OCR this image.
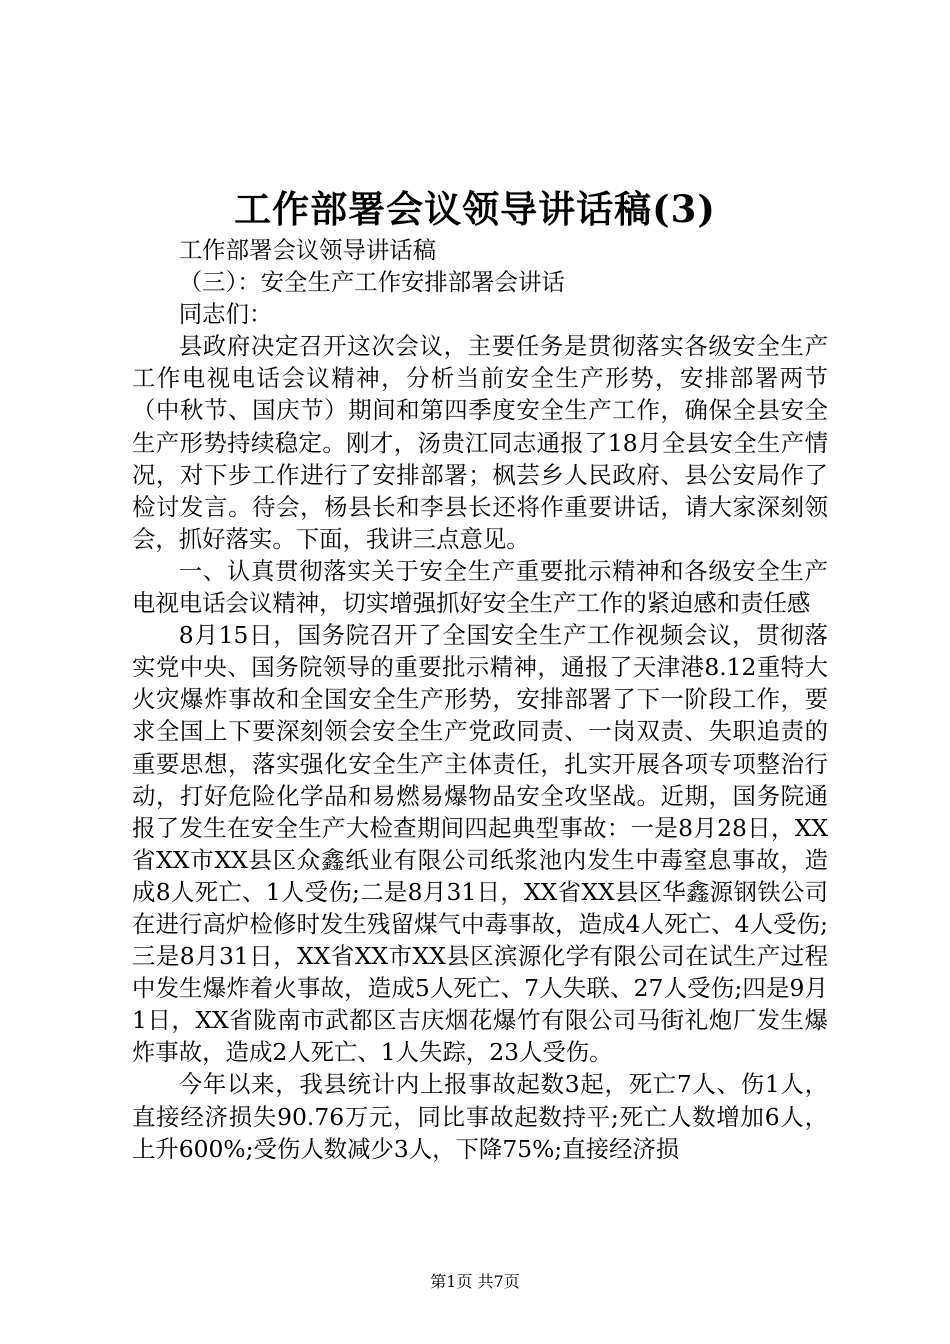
工作部署会议领导讲话稿(3)

工作部署会议领导讲话稿

（三）：安全生产工作安排部署会讲话

同志们：

县政府决定召开这次会议，主要任务是贯彻落实各级安全生产工作电视电话会议精神，分析当前安全生产形势，安排部署两节（中秋节、国庆节）期间和第四季度安全生产工作，确保全县安全生产形势持续稳定。刚才，汤贵江同志通报了18月全县安全生产情况，对下步工作进行了安排部署；枫芸乡人民政府、县公安局作了检讨发言。待会，杨县长和李县长还将作重要讲话，请大家深刻领会，抓好落实。下面，我讲三点意见。

一、认真贯彻落实关于安全生产重要批示精神和各级安全生产电视电话会议精神，切实增强抓好安全生产工作的紧迫感和责任感

8月15日，国务院召开了全国安全生产工作视频会议，贯彻落实党中央、国务院领导的重要批示精神，通报了天津港8.12重特大火灾爆炸事故和全国安全生产形势，安排部署了下一阶段工作，要求全国上下要深刻领会安全生产党政同责、一岗双责、失职追责的重要思想，落实强化安全生产主体责任，扎实开展各项专项整治行动，打好危险化学品和易燃易爆物品安全攻坚战。近期，国务院通报了发生在安全生产大检查期间四起典型事故：一是8月28日，XX省XX市XX县区众鑫纸业有限公司纸浆池内发生中毒窒息事故，造成8人死亡、1人受伤;二是8月31日，XX省XX县区华鑫源钢铁公司在进行高炉检修时发生残留煤气中毒事故，造成4人死亡、4人受伤;三是8月31日，XX省XX市XX县区滨源化学有限公司在试生产过程中发生爆炸着火事故，造成5人死亡、7人失联、27人受伤;四是9月1日，XX省陇南市武都区吉庆烟花爆竹有限公司马街礼炮厂发生爆炸事故，造成2人死亡、1人失踪，23人受伤。

今年以来，我县统计内上报事故起数3起，死亡7人、伤1人，直接经济损失90.76万元，同比事故起数持平;死亡人数增加6人，上升600%;受伤人数减少3人，下降75%;直接经济损

第1页 共7页
